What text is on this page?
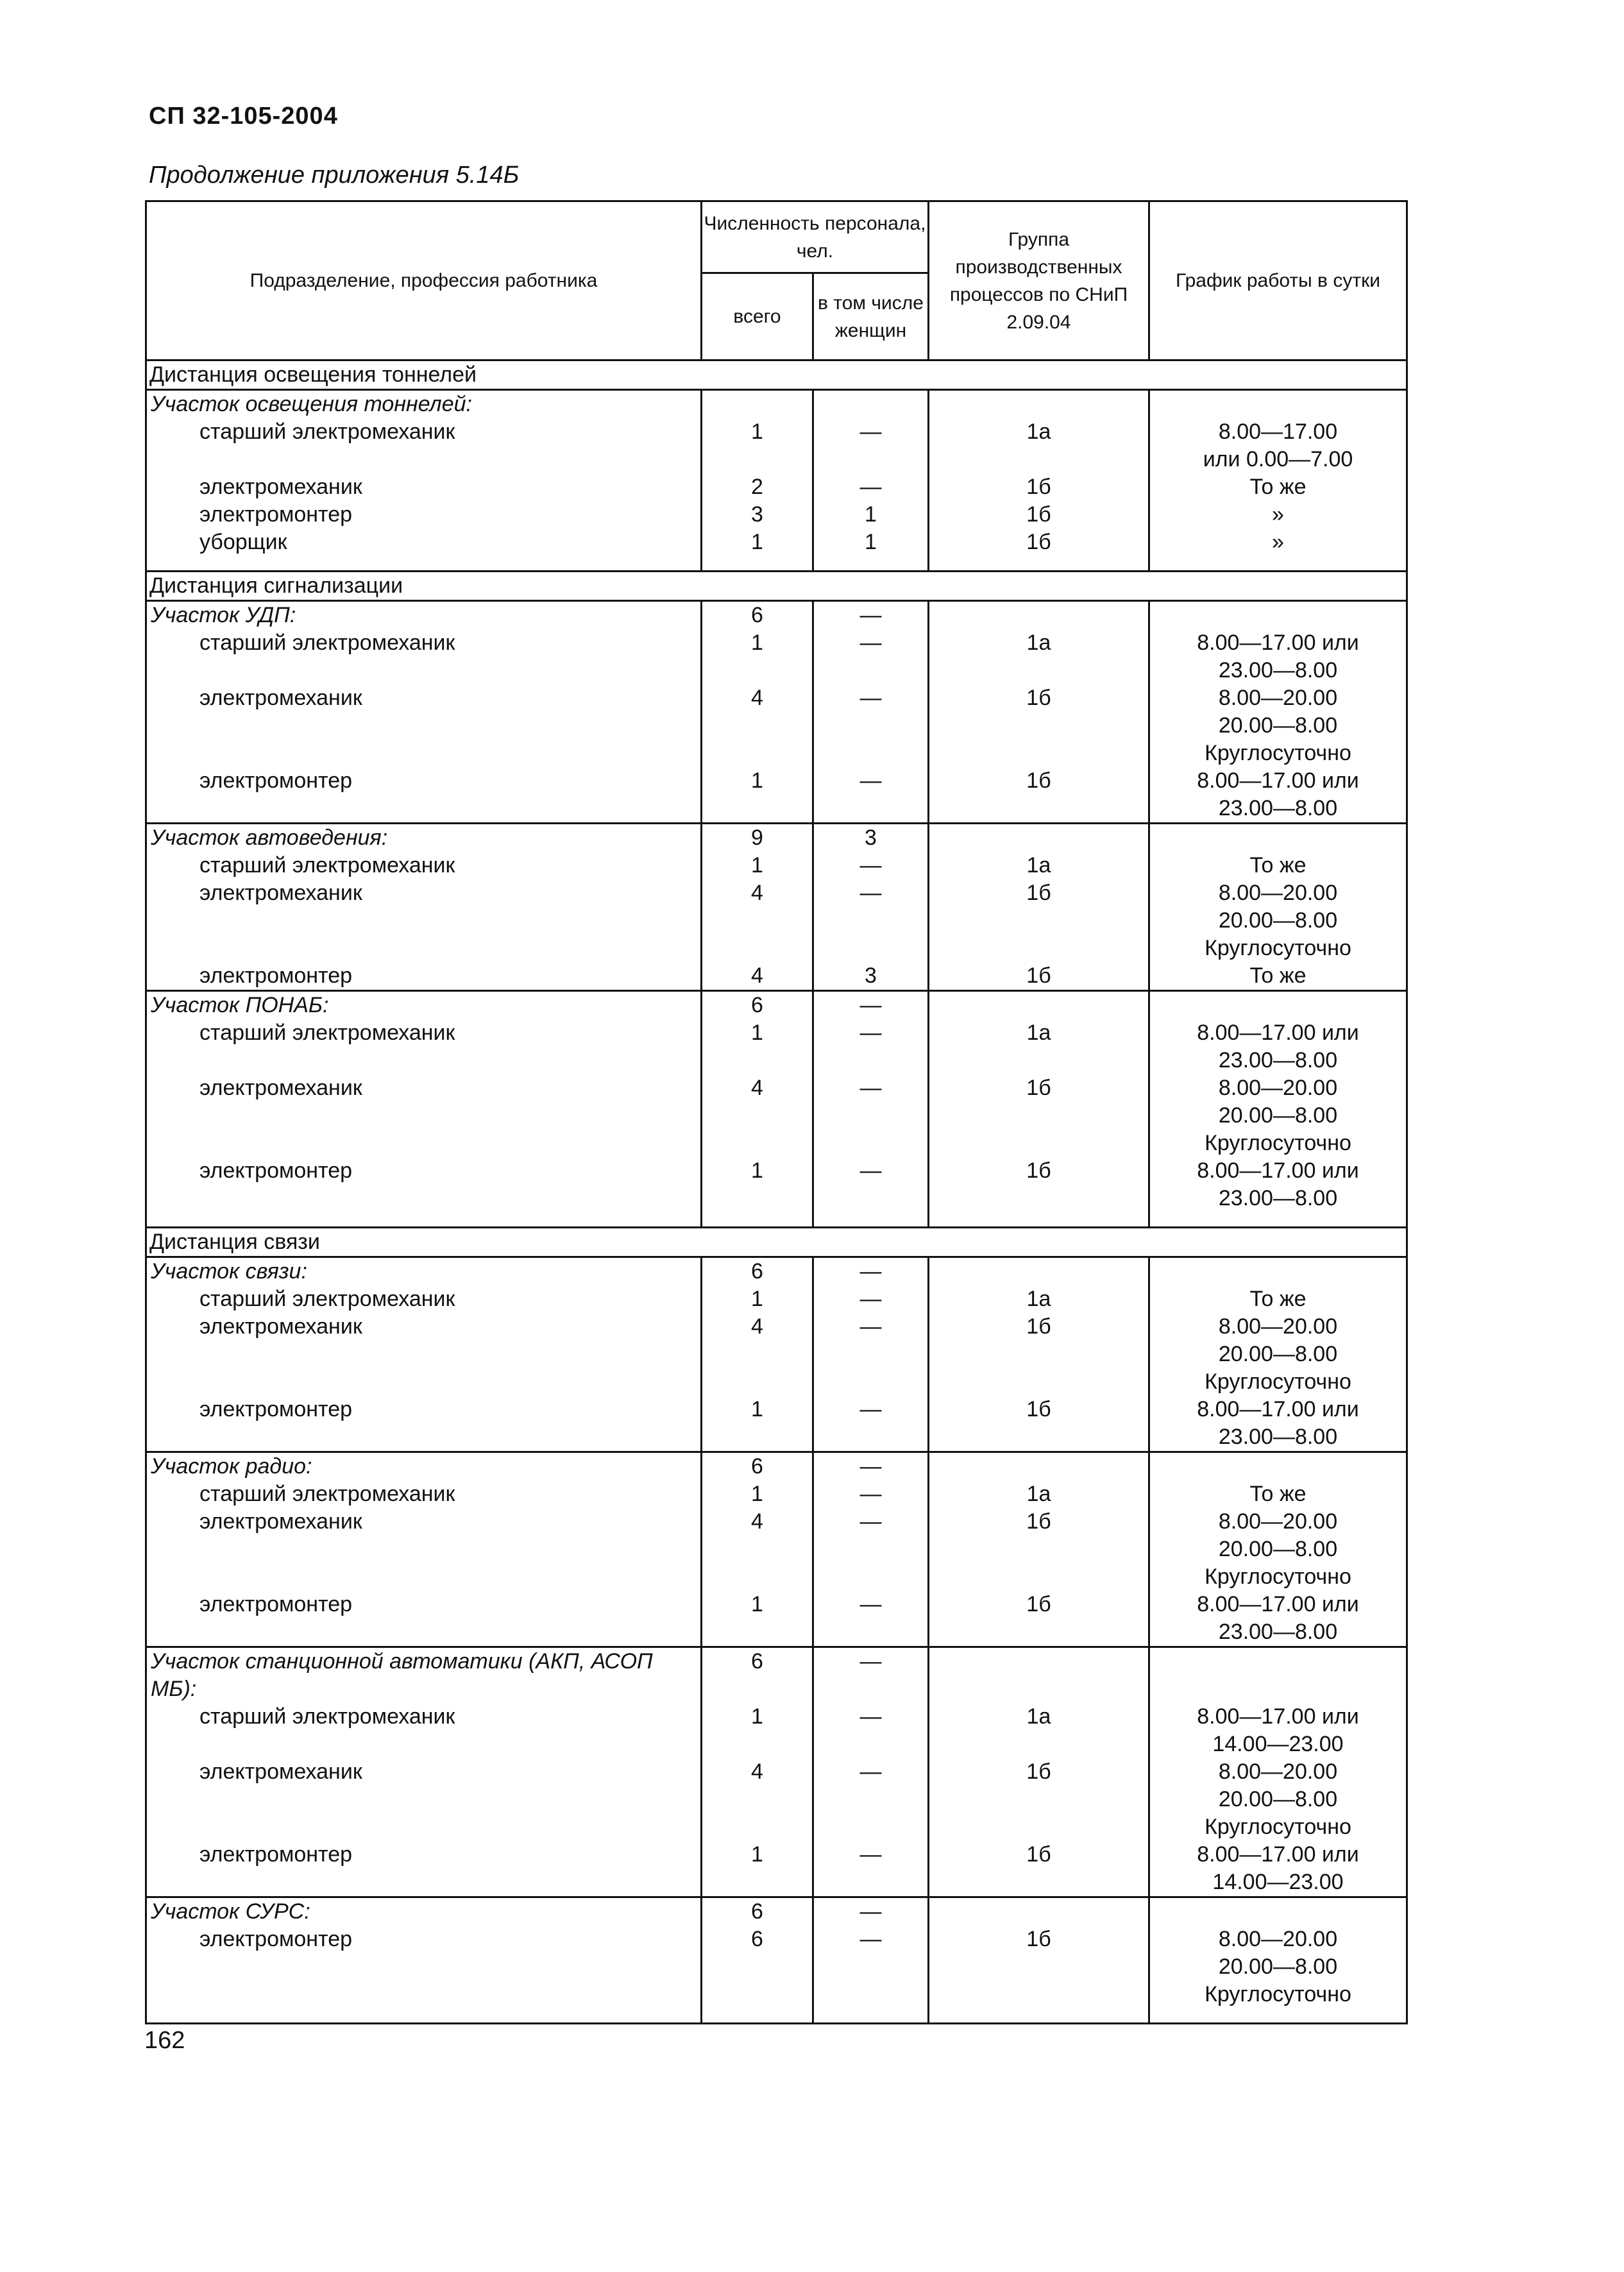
СП 32-105-2004
Продолжение приложения 5.14Б
Подразделение, профессия работника	Численность персонала, чел.		Группа производственных процессов по СНиП 2.09.04	График работы в сутки
	всего	в том числе женщин		
Дистанция освещения тоннелей				
Участок освещения тоннелей:				
старший электромеханик	1	—	1а	8.00—17.00
или 0.00—7.00

электромеханик	2	—	1б	То же

электромонтер	3	1	1б	»

уборщик	1	1	1б	»

Дистанция сигнализации				
Участок УДП:	6	—		
старший электромеханик	1	—	1а	8.00—17.00 или
23.00—8.00

электромеханик	4	—	1б	8.00—20.00
20.00—8.00
Круглосуточно

электромонтер	1	—	1б	8.00—17.00 или
23.00—8.00

Участок автоведения:	9	3		
старший электромеханик	1	—	1а	То же

электромеханик	4	—	1б	8.00—20.00
20.00—8.00
Круглосуточно

электромонтер	4	3	1б	То же

Участок ПОНАБ:	6	—		
старший электромеханик	1	—	1а	8.00—17.00 или
23.00—8.00

электромеханик	4	—	1б	8.00—20.00
20.00—8.00
Круглосуточно

электромонтер	1	—	1б	8.00—17.00 или
23.00—8.00

Дистанция связи				
Участок связи:	6	—		
старший электромеханик	1	—	1а	То же

электромеханик	4	—	1б	8.00—20.00
20.00—8.00
Круглосуточно

электромонтер	1	—	1б	8.00—17.00 или
23.00—8.00

Участок радио:	6	—		
старший электромеханик	1	—	1а	То же

электромеханик	4	—	1б	8.00—20.00
20.00—8.00
Круглосуточно

электромонтер	1	—	1б	8.00—17.00 или
23.00—8.00

Участок станционной автоматики (АКП, АСОП МБ):	6	—		
старший электромеханик	1	—	1а	8.00—17.00 или
14.00—23.00

электромеханик	4	—	1б	8.00—20.00
20.00—8.00
Круглосуточно

электромонтер	1	—	1б	8.00—17.00 или
14.00—23.00

Участок СУРС:	6	—		
электромонтер	6	—	1б	8.00—20.00
20.00—8.00
Круглосуточно

162
